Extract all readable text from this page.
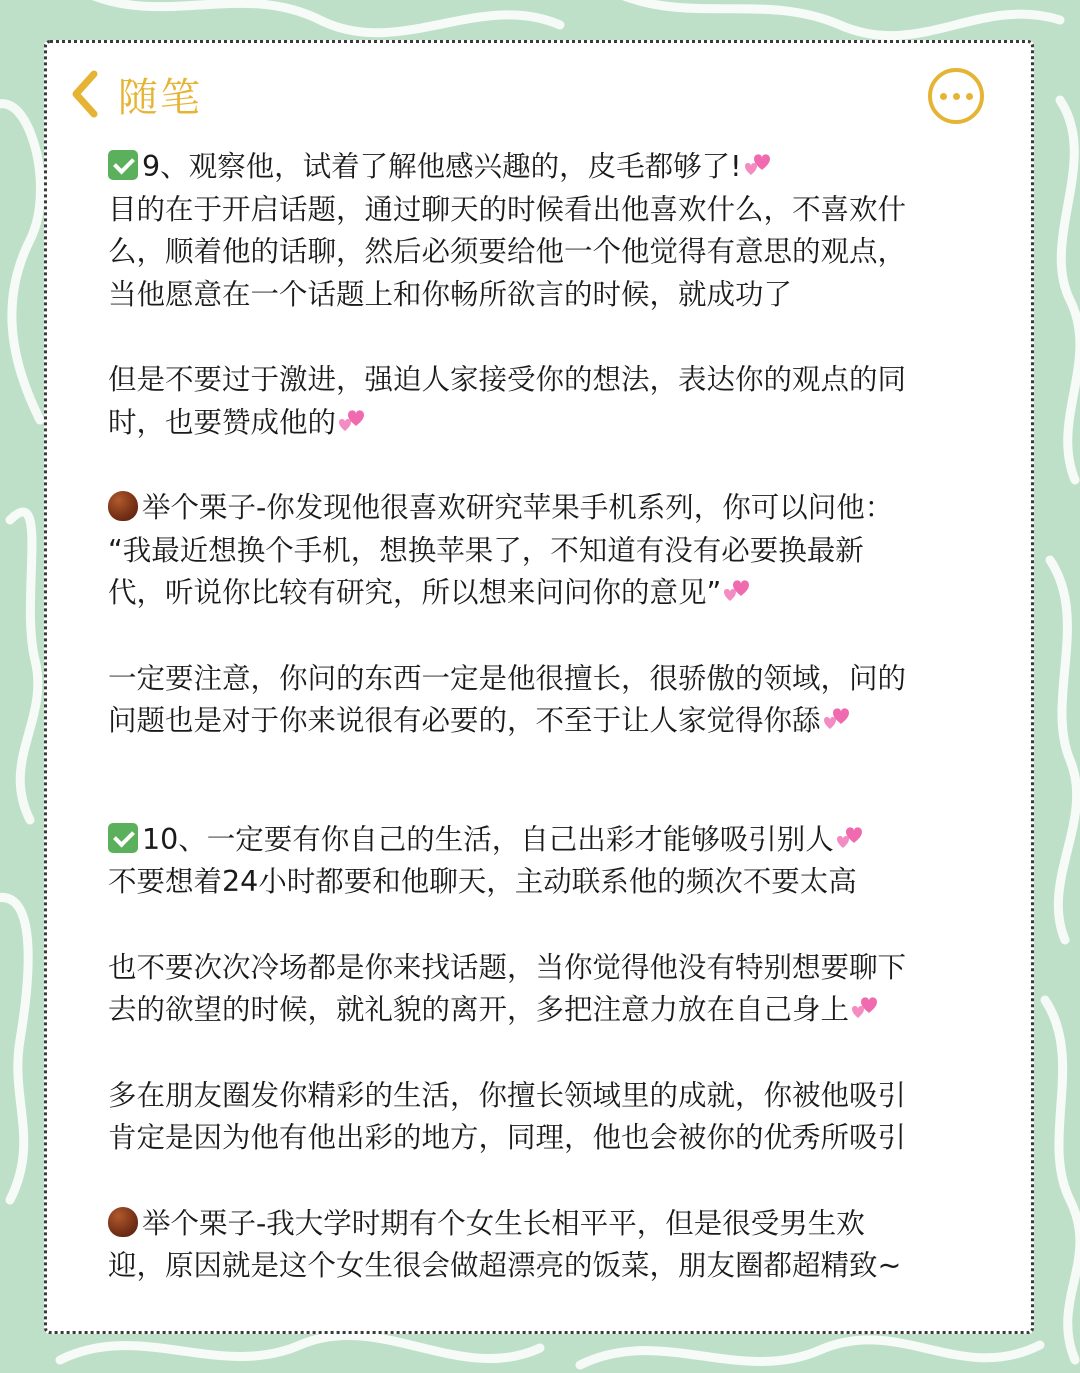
随笔

9、观察他，试着了解他感兴趣的，皮毛都够了!

目的在于开启话题，通过聊天的时候看出他喜欢什么，不喜欢什
么，顺着他的话聊，然后必须要给他一个他觉得有意思的观点，
当他愿意在一个话题上和你畅所欲言的时候，就成功了

但是不要过于激进，强迫人家接受你的想法，表达你的观点的同
时，也要赞成他的

举个栗子-你发现他很喜欢研究苹果手机系列，你可以问他：
“我最近想换个手机，想换苹果了，不知道有没有必要换最新
代，听说你比较有研究，所以想来问问你的意见”

一定要注意，你问的东西一定是他很擅长，很骄傲的领域，问的
问题也是对于你来说很有必要的，不至于让人家觉得你舔

10、一定要有你自己的生活，自己出彩才能够吸引别人

不要想着24小时都要和他聊天，主动联系他的频次不要太高

也不要次次冷场都是你来找话题，当你觉得他没有特别想要聊下
去的欲望的时候，就礼貌的离开，多把注意力放在自己身上

多在朋友圈发你精彩的生活，你擅长领域里的成就，你被他吸引
肯定是因为他有他出彩的地方，同理，他也会被你的优秀所吸引

举个栗子-我大学时期有个女生长相平平，但是很受男生欢
迎，原因就是这个女生很会做超漂亮的饭菜，朋友圈都超精致~
